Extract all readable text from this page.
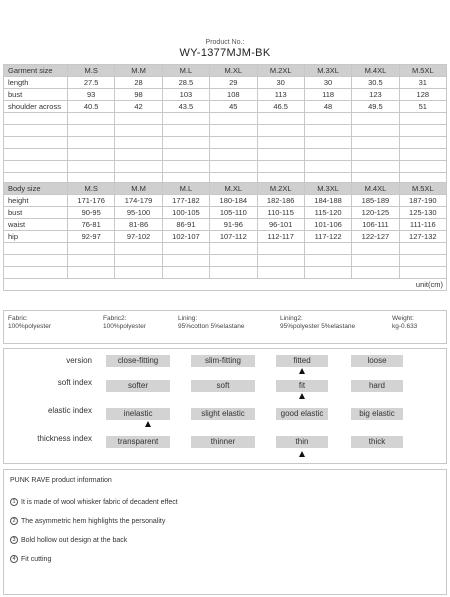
Product No.:
WY-1377MJM-BK
Garment size	M.S	M.M	M.L	M.XL	M.2XL	M.3XL	M.4XL	M.5XL
length	27.5	28	28.5	29	30	30	30.5	31
bust	93	98	103	108	113	118	123	128
shoulder across	40.5	42	43.5	45	46.5	48	49.5	51

Body size	M.S	M.M	M.L	M.XL	M.2XL	M.3XL	M.4XL	M.5XL
height	171-176	174-179	177-182	180-184	182-186	184-188	185-189	187-190
bust	90-95	95-100	100-105	105-110	110-115	115-120	120-125	125-130
waist	76-81	81-86	86-91	91-96	96-101	101-106	106-111	111-116
hip	92-97	97-102	102-107	107-112	112-117	117-122	122-127	127-132

unit(cm)								
Fabric:
100%polyester
Fabric2:
100%polyester
Lining:
95%cotton 5%elastane
Lining2:
95%polyester 5%elastane
Weight:
kg-0.633
version	close-fitting	slim-fitting	fitted	loose
soft index	softer	soft	fit	hard
elastic index	inelastic	slight elastic	good elastic	big elastic
thickness index	transparent	thinner	thin	thick
PUNK RAVE product information
1 It is made of wool whisker fabric of decadent effect
2 The asymmetric hem highlights the personality
3 Bold hollow out design at the back
4 Fit cutting
